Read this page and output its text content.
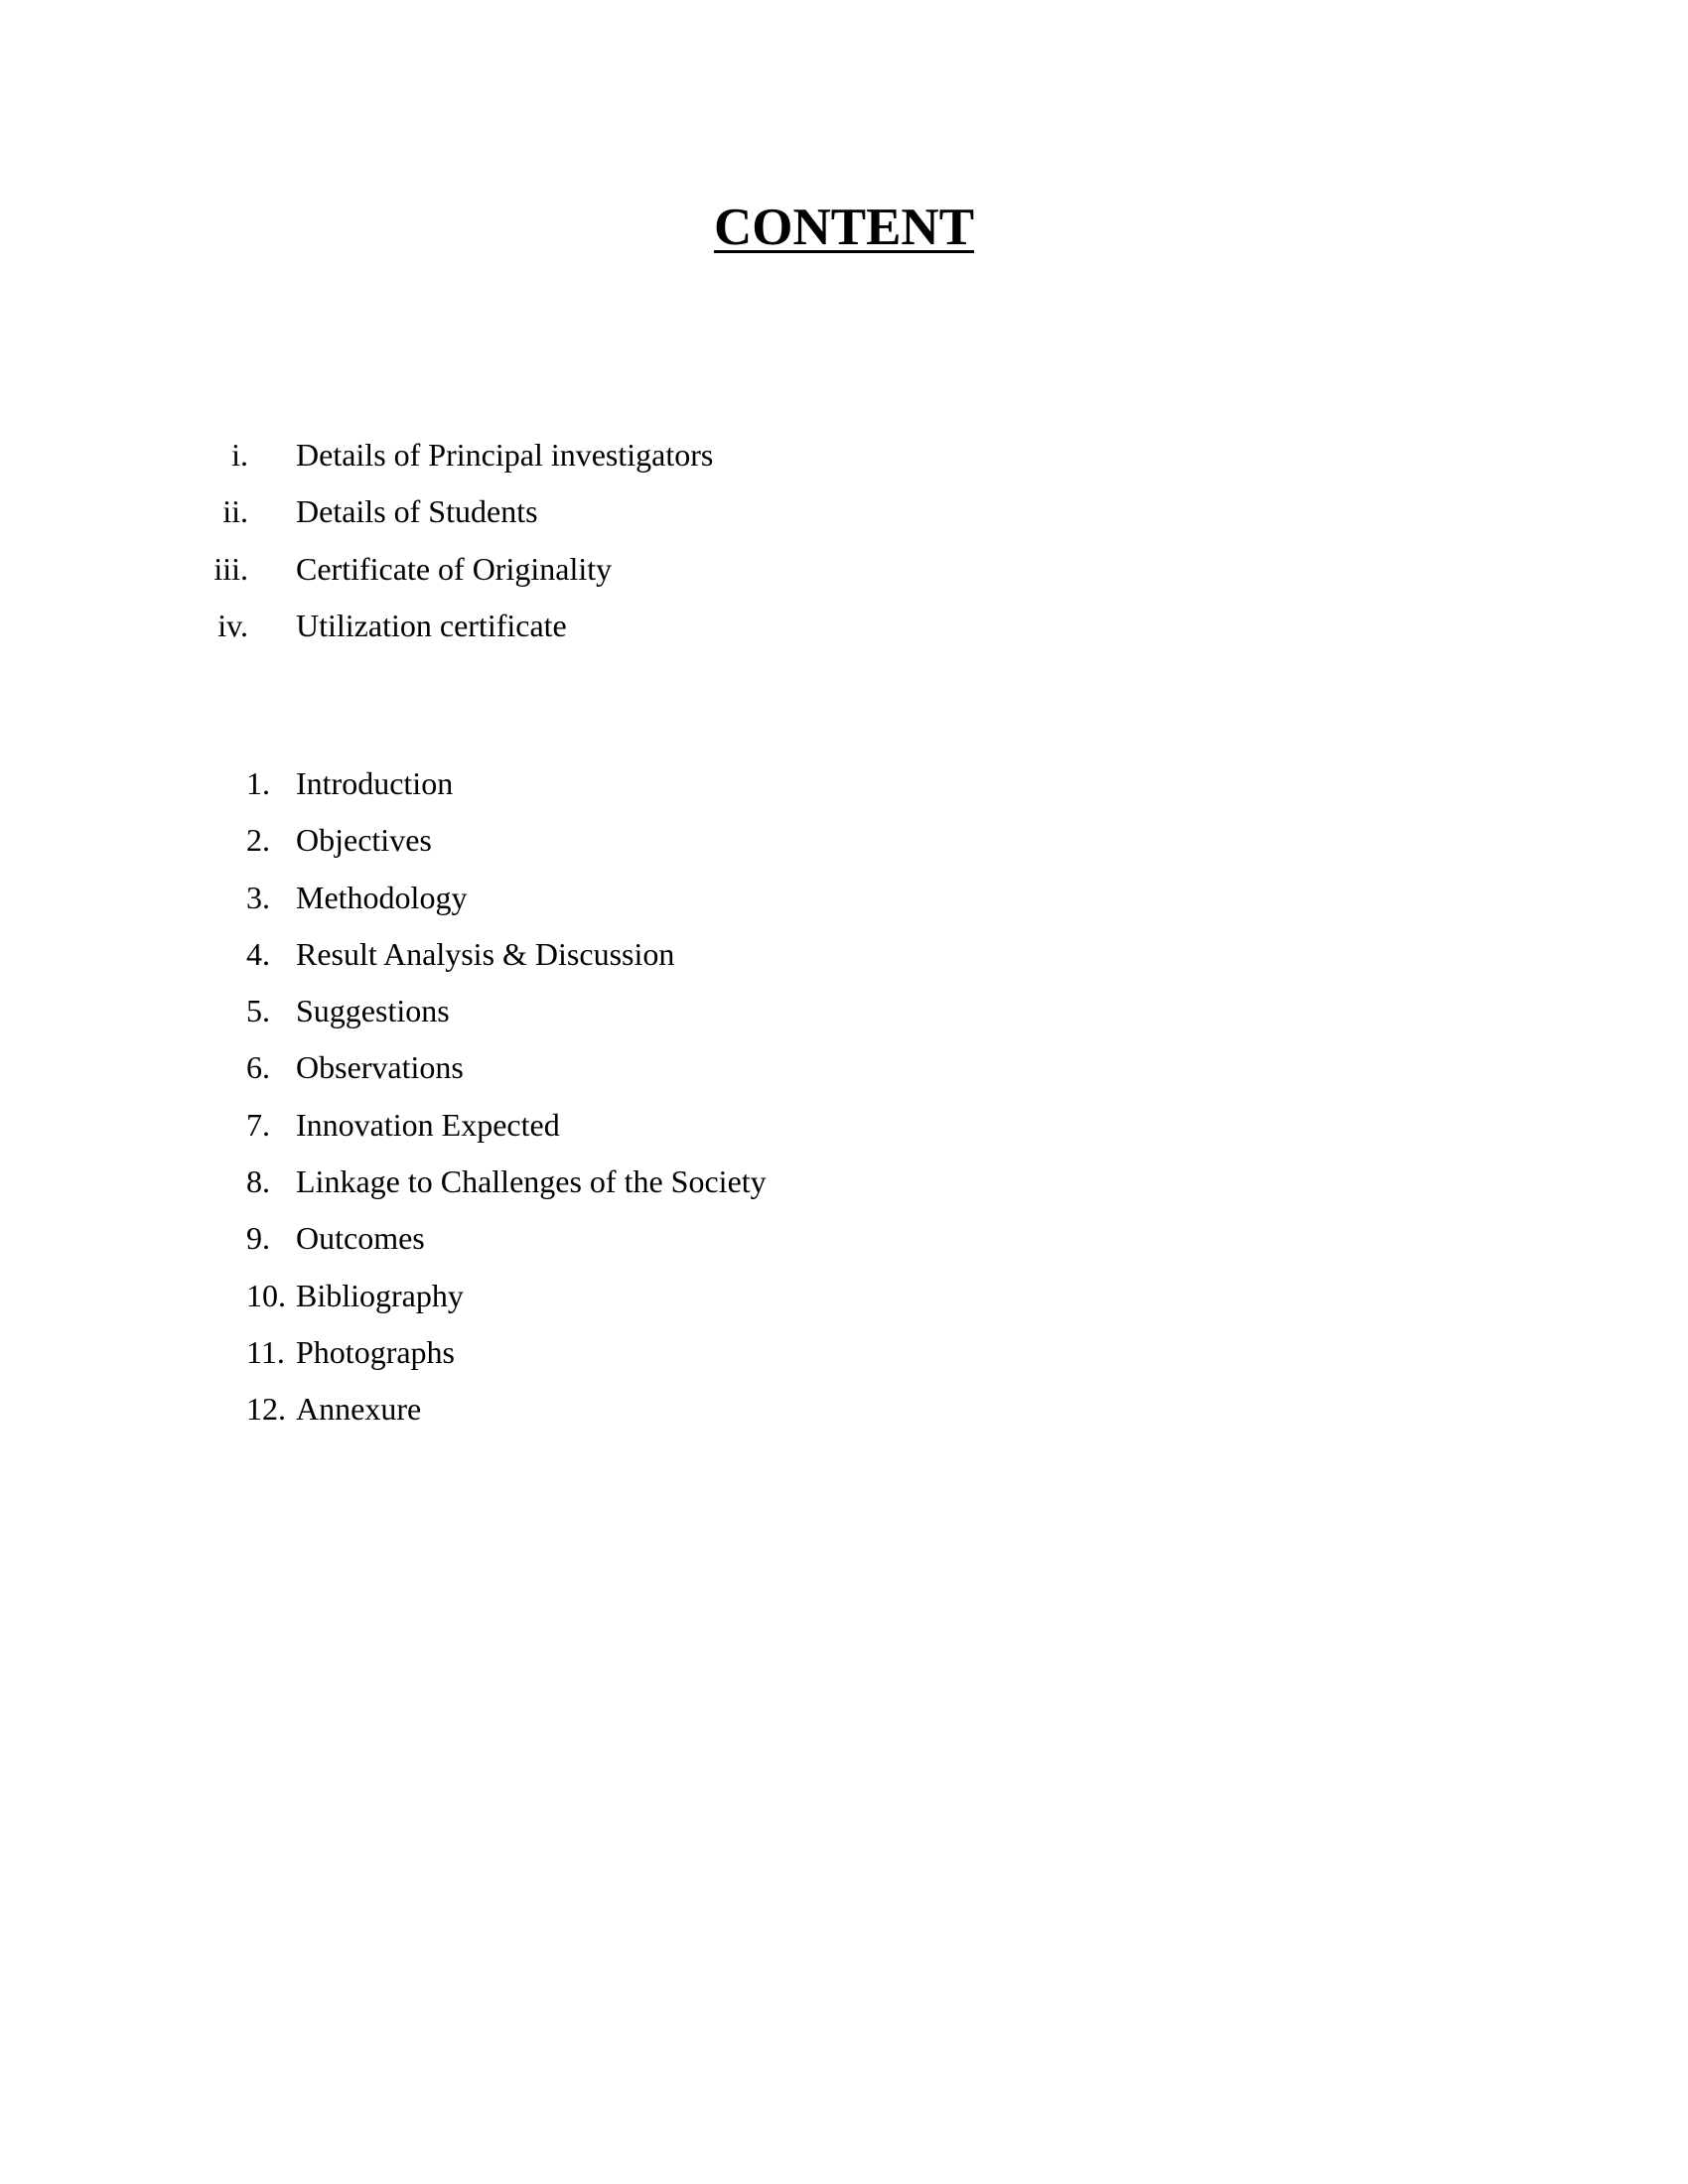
CONTENT
i. Details of Principal investigators
ii. Details of Students
iii. Certificate of Originality
iv. Utilization certificate
1. Introduction
2. Objectives
3. Methodology
4. Result Analysis & Discussion
5. Suggestions
6. Observations
7. Innovation Expected
8. Linkage to Challenges of the Society
9. Outcomes
10. Bibliography
11. Photographs
12. Annexure
